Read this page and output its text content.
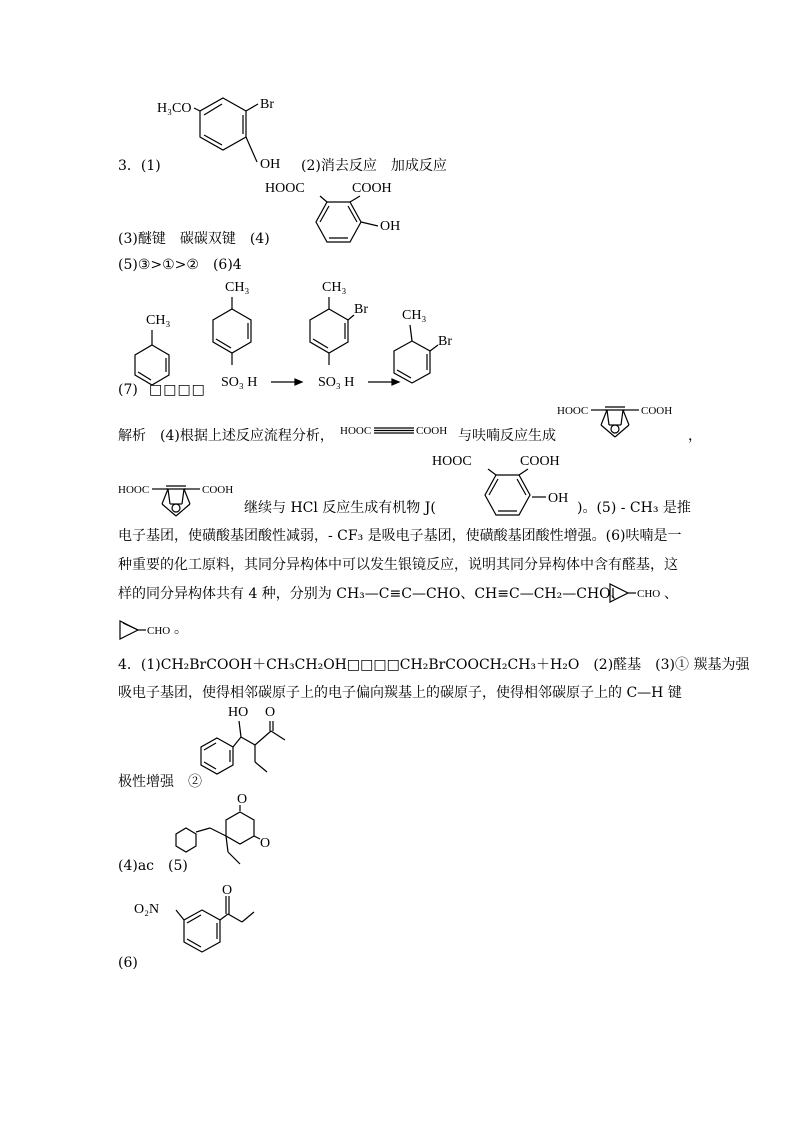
H₃CO	Br
OH
3．(1)	(2)消去反应　加成反应
HOOC	COOH
OH
(3)醚键　碳碳双键　(4)
(5)③>①>②　(6)4
CH₃
CH₃
SO₃ H
CH₃
Br
SO₃ H
CH₃
Br
(7) □□□□
解析　(4)根据上述反应流程分析， HOOC	COOH 与呋喃反应生成
HOOC	COOH
，
HOOC	COOH
继续与 HCl 反应生成有机物 J(
HOOC	COOH
OH
)。(5) - CH₃ 是推
电子基团，使磺酸基团酸性减弱，- CF₃ 是吸电子基团，使磺酸基团酸性增强。(6)呋喃是一
种重要的化工原料，其同分异构体中可以发生银镜反应，说明其同分异构体中含有醛基，这
样的同分异构体共有 4 种，分别为 CH₃—C≡C—CHO、CH≡C—CH₂—CHO、 CHO 、
CHO 。
4．(1)CH₂BrCOOH＋CH₃CH₂OH□□□□CH₂BrCOOCH₂CH₃＋H₂O　(2)醛基　(3)① 羰基为强
吸电子基团，使得相邻碳原子上的电子偏向羰基上的碳原子，使得相邻碳原子上的 C—H 键
HO O
极性增强　②
O
O
(4)ac　(5)
O₂N
O
(6)
